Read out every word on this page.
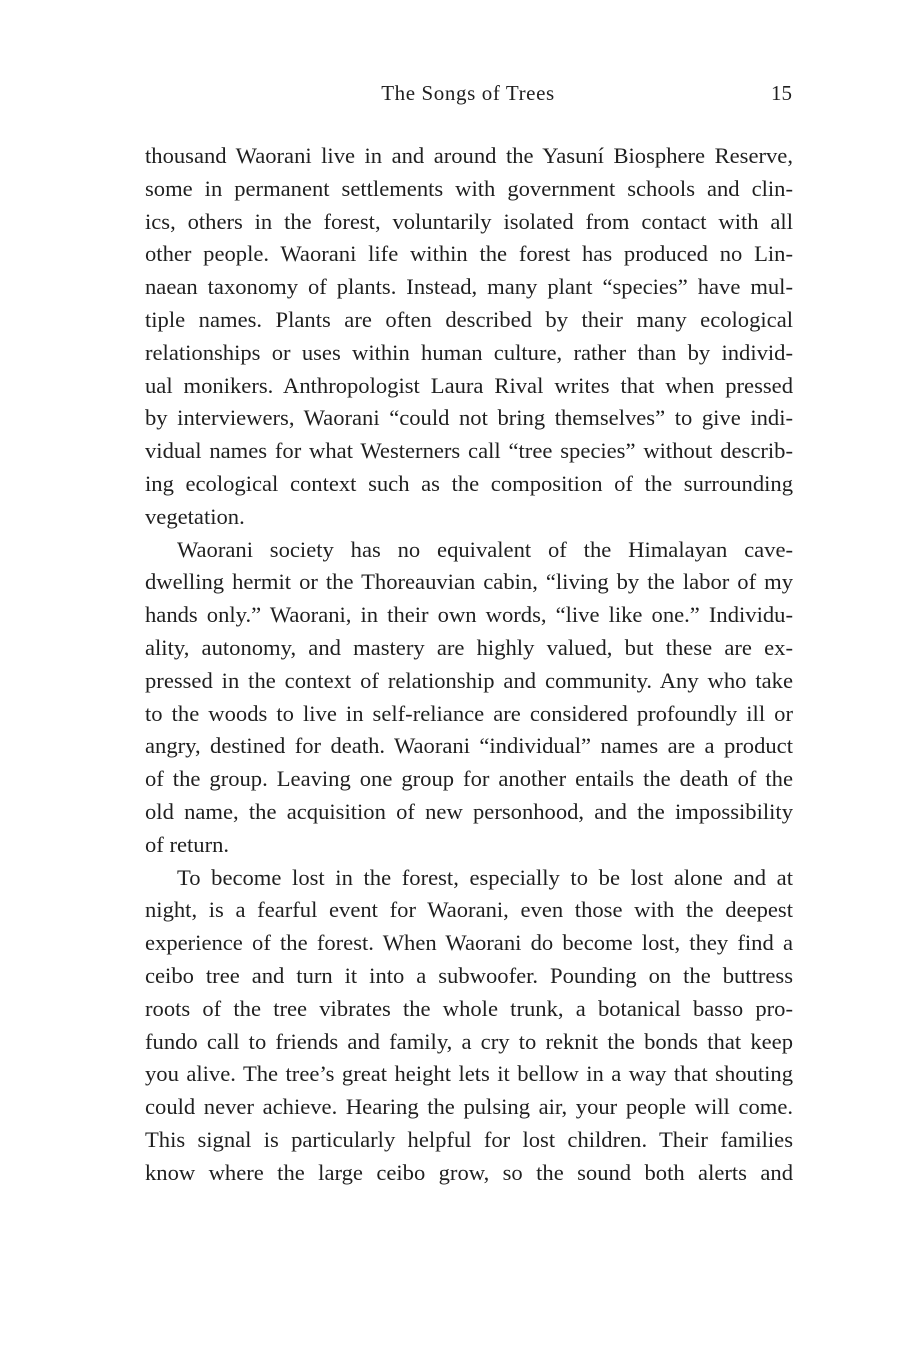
The Songs of Trees	15
thousand Waorani live in and around the Yasuní Biosphere Reserve,
some in permanent settlements with government schools and clin-
ics, others in the forest, voluntarily isolated from contact with all
other people. Waorani life within the forest has produced no Lin-
naean taxonomy of plants. Instead, many plant “species” have mul-
tiple names. Plants are often described by their many ecological
relationships or uses within human culture, rather than by individ-
ual monikers. Anthropologist Laura Rival writes that when pressed
by interviewers, Waorani “could not bring themselves” to give indi-
vidual names for what Westerners call “tree species” without describ-
ing ecological context such as the composition of the surrounding
vegetation.
Waorani society has no equivalent of the Himalayan cave-
dwelling hermit or the Thoreauvian cabin, “living by the labor of my
hands only.” Waorani, in their own words, “live like one.” Individu-
ality, autonomy, and mastery are highly valued, but these are ex-
pressed in the context of relationship and community. Any who take
to the woods to live in self-reliance are considered profoundly ill or
angry, destined for death. Waorani “individual” names are a product
of the group. Leaving one group for another entails the death of the
old name, the acquisition of new personhood, and the impossibility
of return.
To become lost in the forest, especially to be lost alone and at
night, is a fearful event for Waorani, even those with the deepest
experience of the forest. When Waorani do become lost, they find a
ceibo tree and turn it into a subwoofer. Pounding on the buttress
roots of the tree vibrates the whole trunk, a botanical basso pro-
fundo call to friends and family, a cry to reknit the bonds that keep
you alive. The tree’s great height lets it bellow in a way that shouting
could never achieve. Hearing the pulsing air, your people will come.
This signal is particularly helpful for lost children. Their families
know where the large ceibo grow, so the sound both alerts and
